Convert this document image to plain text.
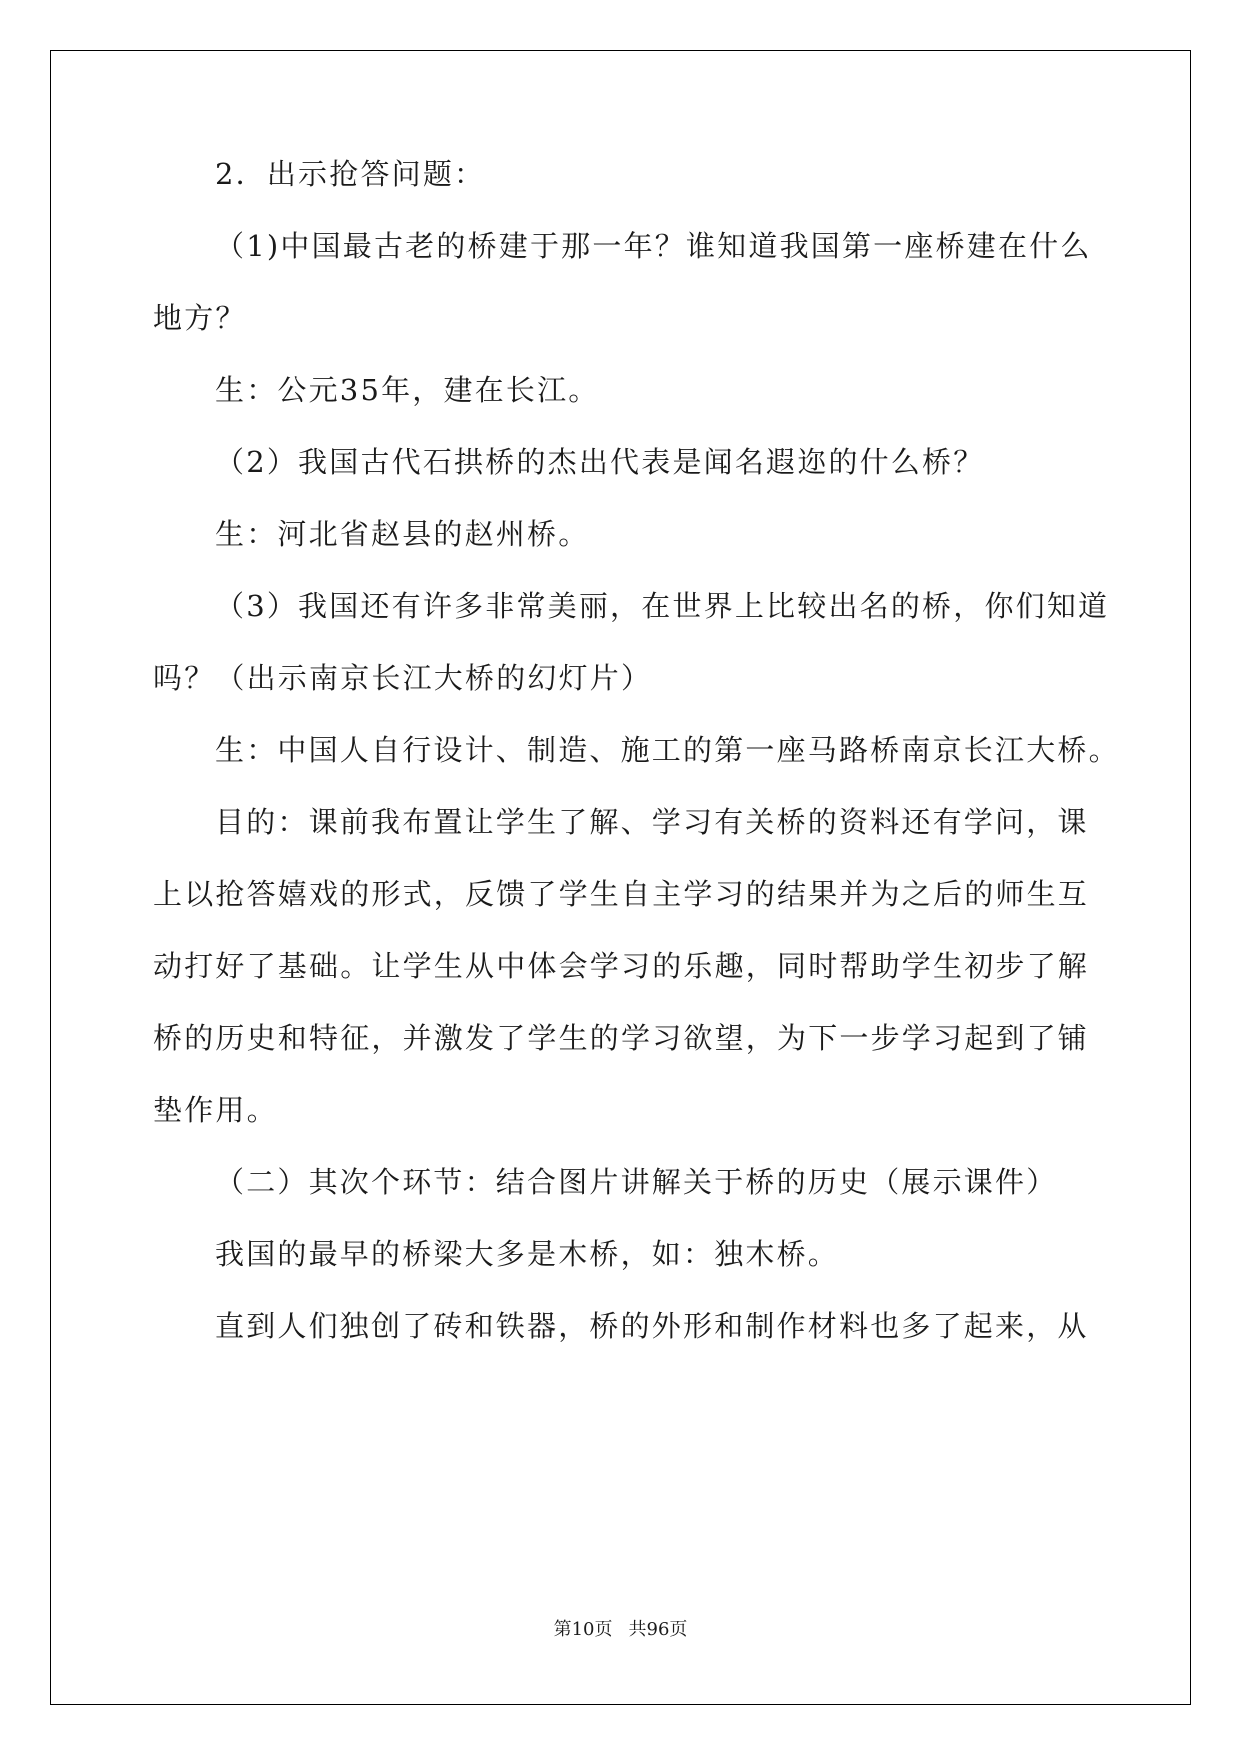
2．出示抢答问题：

（1)中国最古老的桥建于那一年？谁知道我国第一座桥建在什么

地方？

生：公元35年，建在长江。

（2）我国古代石拱桥的杰出代表是闻名遐迩的什么桥？

生：河北省赵县的赵州桥。

（3）我国还有许多非常美丽，在世界上比较出名的桥，你们知道

吗？（出示南京长江大桥的幻灯片）

生：中国人自行设计、制造、施工的第一座马路桥南京长江大桥。

目的：课前我布置让学生了解、学习有关桥的资料还有学问，课

上以抢答嬉戏的形式，反馈了学生自主学习的结果并为之后的师生互

动打好了基础。让学生从中体会学习的乐趣，同时帮助学生初步了解

桥的历史和特征，并激发了学生的学习欲望，为下一步学习起到了铺

垫作用。

（二）其次个环节：结合图片讲解关于桥的历史（展示课件）

我国的最早的桥梁大多是木桥，如：独木桥。

直到人们独创了砖和铁器，桥的外形和制作材料也多了起来，从

第10页 共96页
